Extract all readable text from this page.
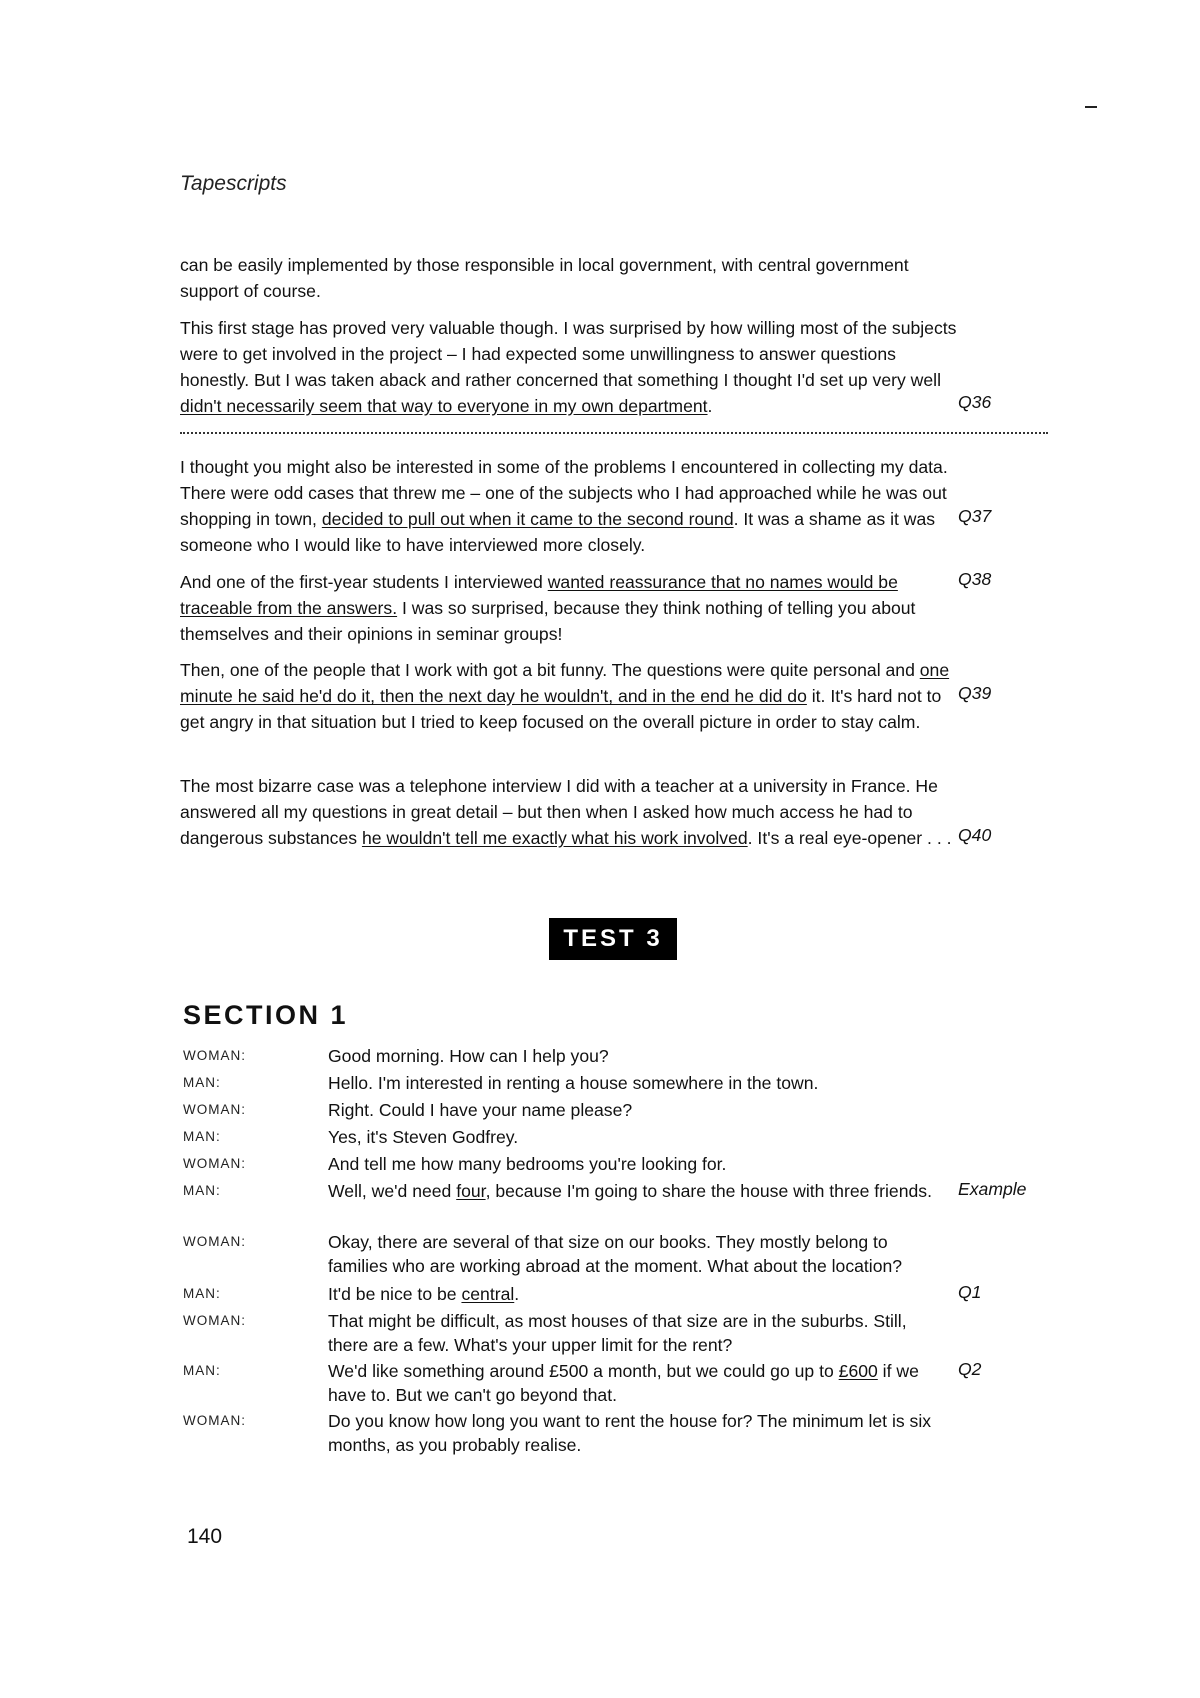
Tapescripts

can be easily implemented by those responsible in local government, with central government support of course.

This first stage has proved very valuable though. I was surprised by how willing most of the subjects were to get involved in the project – I had expected some unwillingness to answer questions honestly. But I was taken aback and rather concerned that something I thought I'd set up very well didn't necessarily seem that way to everyone in my own department.	Q36

I thought you might also be interested in some of the problems I encountered in collecting my data. There were odd cases that threw me – one of the subjects who I had approached while he was out shopping in town, decided to pull out when it came to the second round. It was a shame as it was someone who I would like to have interviewed more closely.

Q37

And one of the first-year students I interviewed wanted reassurance that no names would be traceable from the answers. I was so surprised, because they think nothing of telling you about themselves and their opinions in seminar groups!

Q38

Then, one of the people that I work with got a bit funny. The questions were quite personal and one minute he said he'd do it, then the next day he wouldn't, and in the end he did do it. It's hard not to get angry in that situation but I tried to keep focused on the overall picture in order to stay calm.

Q39

The most bizarre case was a telephone interview I did with a teacher at a university in France. He answered all my questions in great detail – but then when I asked how much access he had to dangerous substances he wouldn't tell me exactly what his work involved. It's a real eye-opener . . . Q40
TEST 3
SECTION 1
WOMAN:	Good morning. How can I help you?

MAN:	Hello. I'm interested in renting a house somewhere in the town.

WOMAN:	Right. Could I have your name please?

MAN:	Yes, it's Steven Godfrey.

WOMAN:	And tell me how many bedrooms you're looking for.

MAN:	Well, we'd need four, because I'm going to share the house with three friends.	Example
WOMAN:	Okay, there are several of that size on our books. They mostly belong to families who are working abroad at the moment. What about the location?

MAN:	It'd be nice to be central.	Q1
WOMAN:	That might be difficult, as most houses of that size are in the suburbs. Still, there are a few. What's your upper limit for the rent?

MAN:	We'd like something around £500 a month, but we could go up to £600 if we have to. But we can't go beyond that.

Q2
WOMAN:	Do you know how long you want to rent the house for? The minimum let is six months, as you probably realise.

140
